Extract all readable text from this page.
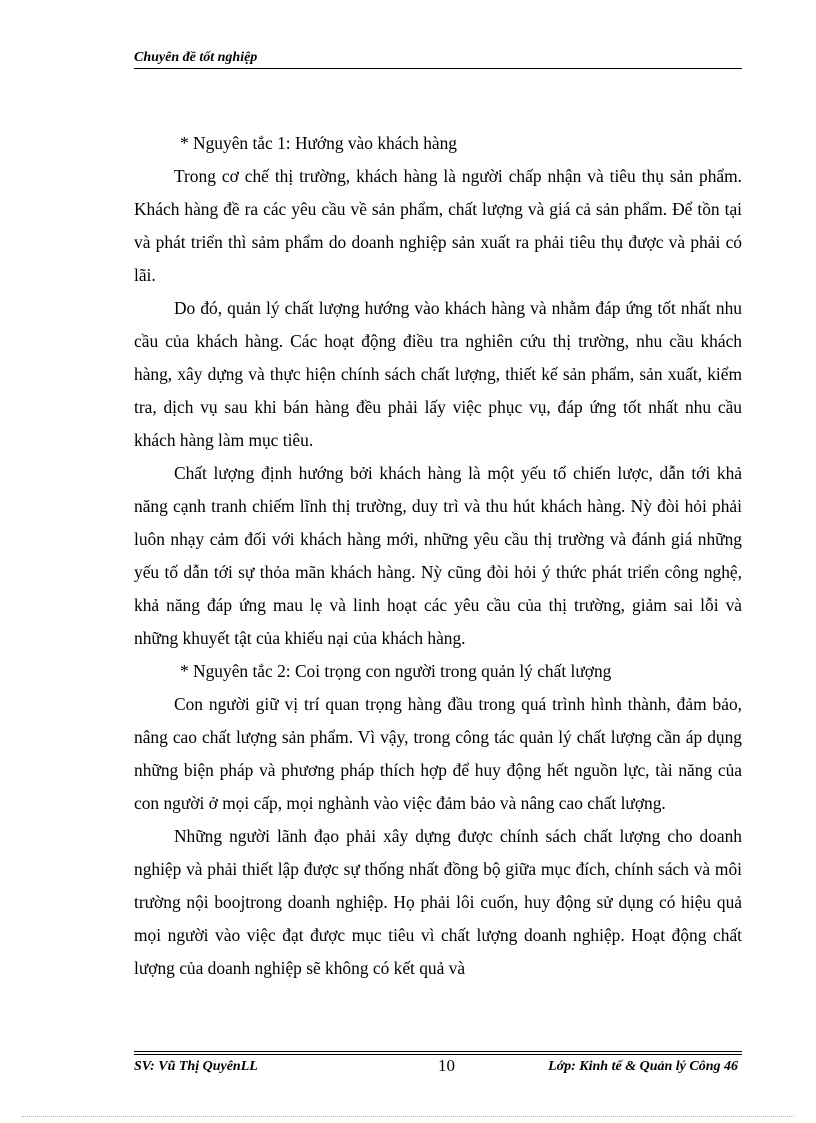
Chuyên đề tốt nghiệp

* Nguyên tắc 1: Hướng vào khách hàng

Trong cơ chế thị trường, khách hàng là người chấp nhận và tiêu thụ sản phẩm. Khách hàng đề ra các yêu cầu về sản phẩm, chất lượng và giá cả sản phẩm. Để tồn tại và phát triển thì sảm phẩm do doanh nghiệp sản xuất ra phải tiêu thụ được và phải có lãi.

Do đó, quản lý chất lượng hướng vào khách hàng và nhằm đáp ứng tốt nhất nhu cầu của khách hàng. Các hoạt động điều tra nghiên cứu thị trường, nhu cầu khách hàng, xây dựng và thực hiện chính sách chất lượng, thiết kế sản phẩm, sản xuất, kiểm tra, dịch vụ sau khi bán hàng đều phải lấy việc phục vụ, đáp ứng tốt nhất nhu cầu khách hàng làm mục tiêu.

Chất lượng định hướng bởi khách hàng là một yếu tố chiến lược, dẫn tới khả năng cạnh tranh chiếm lĩnh thị trường, duy trì và thu hút khách hàng. Nỳ đòi hỏi phải luôn nhạy cảm đối với khách hàng mới, những yêu cầu thị trường và đánh giá những yếu tố dẫn tới sự thỏa mãn khách hàng. Nỳ cũng đòi hỏi ý thức phát triển công nghệ, khả năng đáp ứng mau lẹ và linh hoạt các yêu cầu của thị trường, giảm sai lỗi và những khuyết tật của khiếu nại của khách hàng.

* Nguyên tắc 2: Coi trọng con người trong quản lý chất lượng

Con người giữ vị trí quan trọng hàng đầu trong quá trình hình thành, đảm bảo, nâng cao chất lượng sản phẩm. Vì vậy, trong công tác quản lý chất lượng cần áp dụng những biện pháp và phương pháp thích hợp để huy động hết nguồn lực, tài năng của con người ở mọi cấp, mọi nghành vào việc đảm bảo và nâng cao chất lượng.

Những người lãnh đạo phải xây dựng được chính sách chất lượng cho doanh nghiệp và phải thiết lập được sự thống nhất đồng bộ giữa mục đích, chính sách và môi trường nội boojtrong doanh nghiệp. Họ phải lôi cuốn, huy động sử dụng có hiệu quả mọi người vào việc đạt được mục tiêu vì chất lượng doanh nghiệp. Hoạt động chất lượng của doanh nghiệp sẽ không có kết quả và

SV: Vũ Thị QuyênLL	10	Lớp: Kinh tế & Quản lý Công 46
